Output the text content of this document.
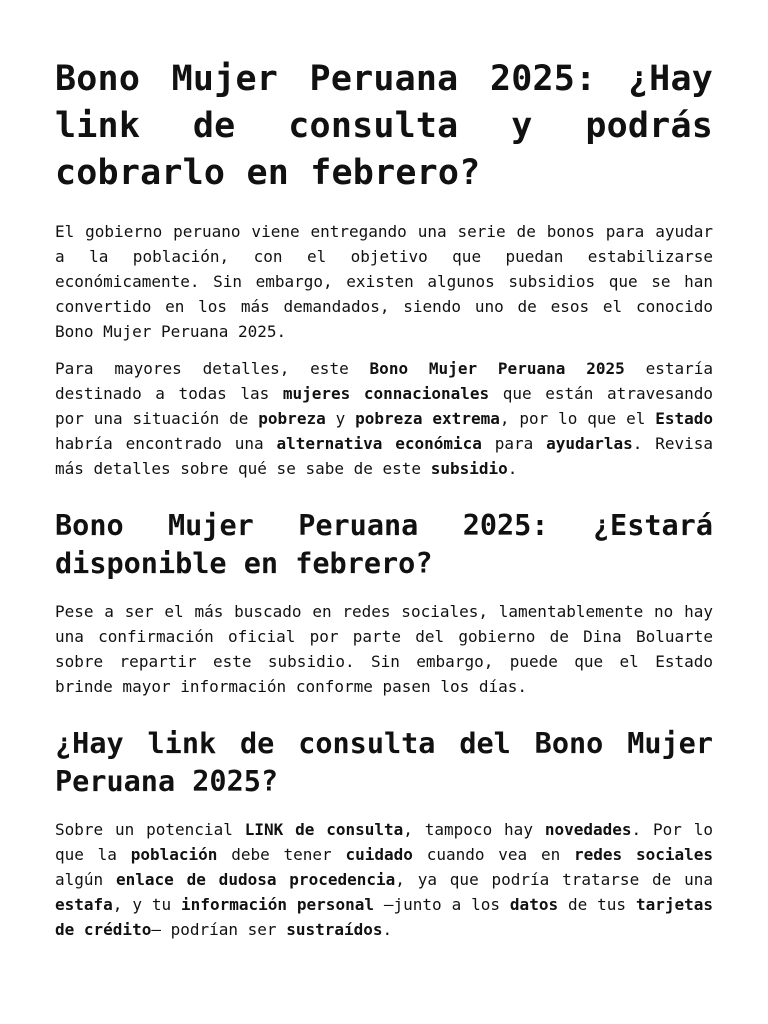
Bono Mujer Peruana 2025: ¿Hay link de consulta y podrás cobrarlo en febrero?

El gobierno peruano viene entregando una serie de bonos para ayudar a la población, con el objetivo que puedan estabilizarse económicamente. Sin embargo, existen algunos subsidios que se han convertido en los más demandados, siendo uno de esos el conocido Bono Mujer Peruana 2025.

Para mayores detalles, este Bono Mujer Peruana 2025 estaría destinado a todas las mujeres connacionales que están atravesando por una situación de pobreza y pobreza extrema, por lo que el Estado habría encontrado una alternativa económica para ayudarlas. Revisa más detalles sobre qué se sabe de este subsidio.

Bono Mujer Peruana 2025: ¿Estará disponible en febrero?

Pese a ser el más buscado en redes sociales, lamentablemente no hay una confirmación oficial por parte del gobierno de Dina Boluarte sobre repartir este subsidio. Sin embargo, puede que el Estado brinde mayor información conforme pasen los días.

¿Hay link de consulta del Bono Mujer Peruana 2025?

Sobre un potencial LINK de consulta, tampoco hay novedades. Por lo que la población debe tener cuidado cuando vea en redes sociales algún enlace de dudosa procedencia, ya que podría tratarse de una estafa, y tu información personal —junto a los datos de tus tarjetas de crédito— podrían ser sustraídos.
